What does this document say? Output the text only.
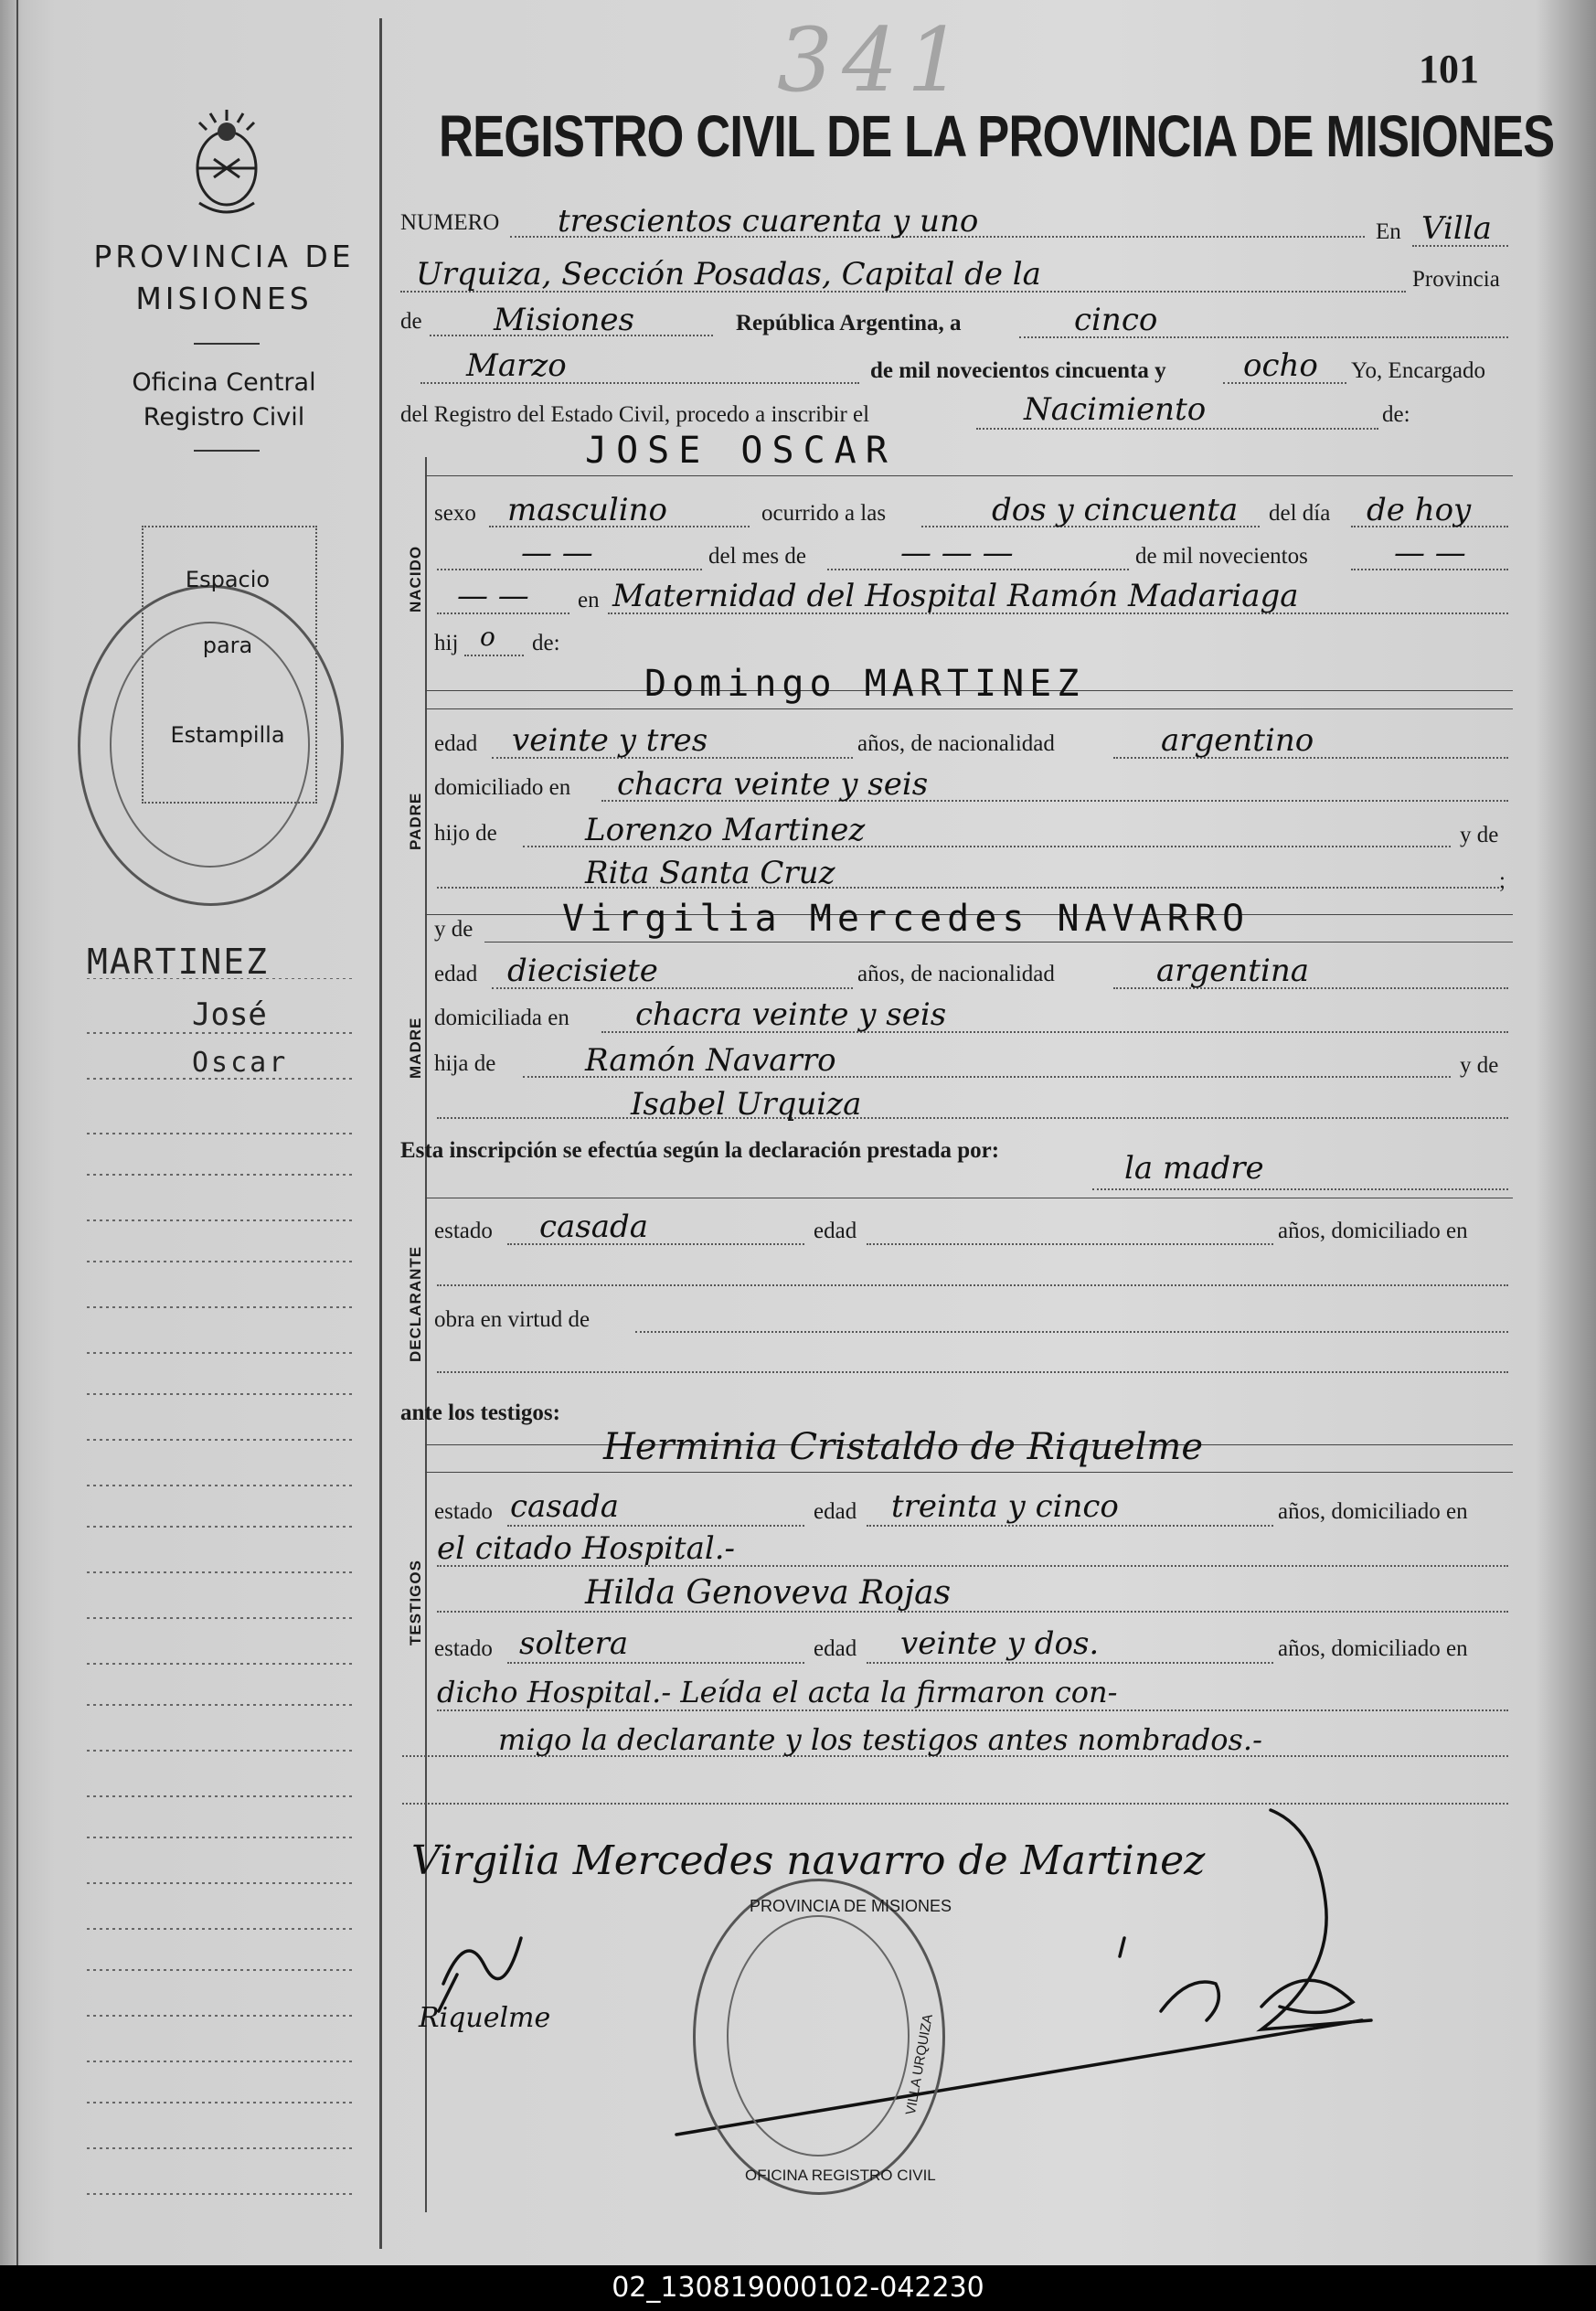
341	101
REGISTRO CIVIL DE LA PROVINCIA DE MISIONES
PROVINCIA DE
MISIONES
Oficina Central
Registro Civil
Espacio
para
Estampilla
MARTINEZ
José
Oscar
NUMERO trescientos cuarenta y uno	En Villa
Urquiza, Sección Posadas, Capital de la	Provincia
de Misiones	República Argentina, a	cinco
Marzo	de mil novecientos cincuenta y ocho Yo, Encargado
del Registro del Estado Civil, procedo a inscribir el	Nacimiento	de:
NACIDO
JOSE OSCAR
sexo masculino	ocurrido a las	dos y cincuenta del día de hoy
— —	del mes de	— — —	de mil novecientos	— —
— — en Maternidad del Hospital Ramón Madariaga
hij o de:
PADRE
Domingo MARTINEZ
edad veinte y tres	años, de nacionalidad	argentino
domiciliado en chacra veinte y seis
hijo de	Lorenzo Martinez	y de
Rita Santa Cruz	;
MADRE
y de Virgilia Mercedes NAVARRO
edad diecisiete	años, de nacionalidad	argentina
domiciliada en chacra veinte y seis
hija de	Ramón Navarro	y de
Isabel Urquiza
Esta inscripción se efectúa según la declaración prestada por:	la madre
DECLARANTE
estado casada	edad	años, domiciliado en
obra en virtud de
ante los testigos:
TESTIGOS
Herminia Cristaldo de Riquelme
estado casada	edad treinta y cinco	años, domiciliado en
el citado Hospital.-
Hilda Genoveva Rojas
estado soltera	edad veinte y dos.	años, domiciliado en
dicho Hospital.- Leída el acta la firmaron con-
migo la declarante y los testigos antes nombrados.-
Virgilia Mercedes navarro de Martinez
Riquelme
PROVINCIA DE MISIONES
OFICINA REGISTRO CIVIL
VILLA URQUIZA
02_130819000102-042230
